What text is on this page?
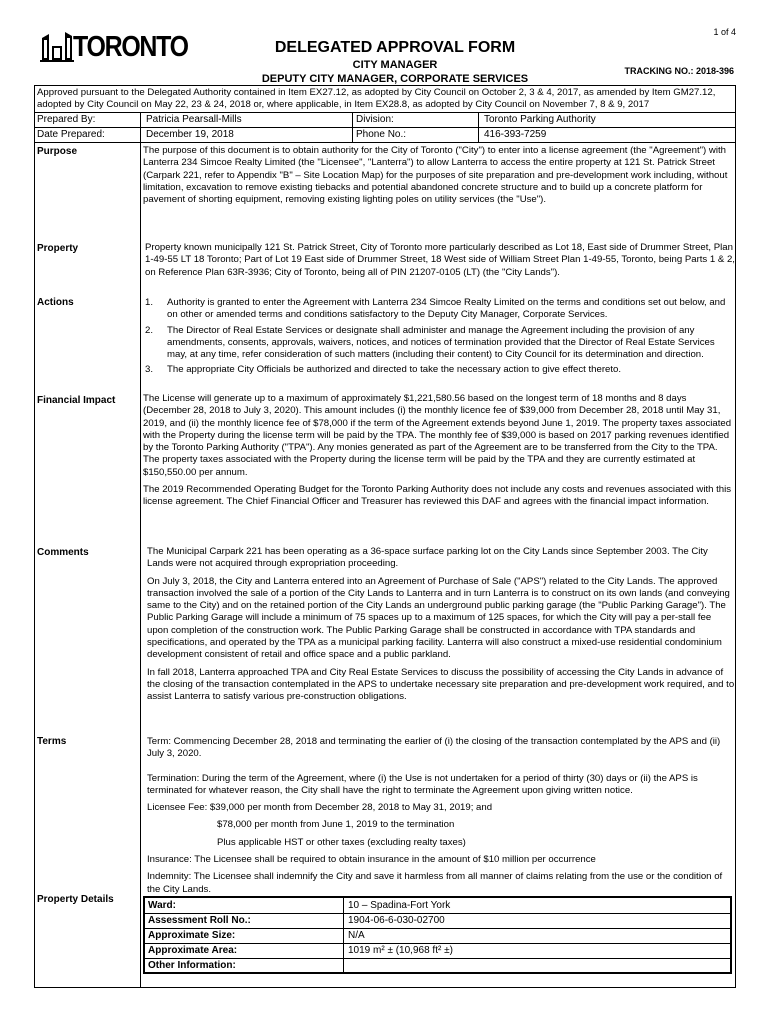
1 of 4
TORONTO	DELEGATED APPROVAL FORM
CITY MANAGER
DEPUTY CITY MANAGER, CORPORATE SERVICES
TRACKING NO.: 2018-396
Approved pursuant to the Delegated Authority contained in Item EX27.12, as adopted by City Council on October 2, 3 & 4, 2017, as amended by Item GM27.12, adopted by City Council on May 22, 23 & 24, 2018 or, where applicable, in Item EX28.8, as adopted by City Council on November 7, 8 & 9, 2017
Prepared By:	Patricia Pearsall-Mills	Division:	Toronto Parking Authority
Date Prepared:	December 19, 2018	Phone No.:	416-393-7259
Purpose	The purpose of this document is to obtain authority for the City of Toronto ("City") to enter into a license agreement (the "Agreement") with Lanterra 234 Simcoe Realty Limited (the "Licensee", "Lanterra") to allow Lanterra to access the entire property at 121 St. Patrick Street (Carpark 221, refer to Appendix "B" – Site Location Map) for the purposes of site preparation and pre-development work including, without limitation, excavation to remove existing tiebacks and potential abandoned concrete structure and to build up a concrete platform for pavement of shorting equipment, removing existing lighting poles on utility services (the "Use").
Property	Property known municipally 121 St. Patrick Street, City of Toronto more particularly described as Lot 18, East side of Drummer Street, Plan 1-49-55 LT 18 Toronto; Part of Lot 19 East side of Drummer Street, 18 West side of William Street Plan 1-49-55, Toronto, being Parts 1 & 2, on Reference Plan 63R-3936; City of Toronto, being all of PIN 21207-0105 (LT) (the "City Lands").
Actions	1. Authority is granted to enter the Agreement with Lanterra 234 Simcoe Realty Limited on the terms and conditions set out below, and on other or amended terms and conditions satisfactory to the Deputy City Manager, Corporate Services.
2. The Director of Real Estate Services or designate shall administer and manage the Agreement including the provision of any amendments, consents, approvals, waivers, notices, and notices of termination provided that the Director of Real Estate Services may, at any time, refer consideration of such matters (including their content) to City Council for its determination and direction.
3. The appropriate City Officials be authorized and directed to take the necessary action to give effect thereto.
Financial Impact	The License will generate up to a maximum of approximately $1,221,580.56 based on the longest term of 18 months and 8 days (December 28, 2018 to July 3, 2020). This amount includes (i) the monthly licence fee of $39,000 from December 28, 2018 until May 31, 2019, and (ii) the monthly licence fee of $78,000 if the term of the Agreement extends beyond June 1, 2019. The property taxes associated with the Property during the license term will be paid by the TPA. The monthly fee of $39,000 is based on 2017 parking revenues identified by the Toronto Parking Authority ("TPA"). Any monies generated as part of the Agreement are to be transferred from the City to the TPA. The property taxes associated with the Property during the license term will be paid by the TPA and they are currently estimated at $150,550.00 per annum.

The 2019 Recommended Operating Budget for the Toronto Parking Authority does not include any costs and revenues associated with this license agreement. The Chief Financial Officer and Treasurer has reviewed this DAF and agrees with the financial impact information.

Comments	The Municipal Carpark 221 has been operating as a 36-space surface parking lot on the City Lands since September 2003. The City Lands were not acquired through expropriation proceeding.

On July 3, 2018, the City and Lanterra entered into an Agreement of Purchase of Sale ("APS") related to the City Lands. The approved transaction involved the sale of a portion of the City Lands to Lanterra and in turn Lanterra is to construct on its own lands (and conveying same to the City) and on the retained portion of the City Lands an underground public parking garage (the "Public Parking Garage"). The Public Parking Garage will include a minimum of 75 spaces up to a maximum of 125 spaces, for which the City will pay a per-stall fee upon completion of the construction work. The Public Parking Garage shall be constructed in accordance with TPA standards and specifications, and operated by the TPA as a municipal parking facility. Lanterra will also construct a mixed-use residential condominium development consistent of retail and office space and a public parkland.

In fall 2018, Lanterra approached TPA and City Real Estate Services to discuss the possibility of accessing the City Lands in advance of the closing of the transaction contemplated in the APS to undertake necessary site preparation and pre-development work required, and to assist Lanterra to satisfy various pre-construction obligations.

Terms	Term: Commencing December 28, 2018 and terminating the earlier of (i) the closing of the transaction contemplated by the APS and (ii) July 3, 2020.

Termination: During the term of the Agreement, where (i) the Use is not undertaken for a period of thirty (30) days or (ii) the APS is terminated for whatever reason, the City shall have the right to terminate the Agreement upon giving written notice.

Licensee Fee: $39,000 per month from December 28, 2018 to May 31, 2019; and

$78,000 per month from June 1, 2019 to the termination

Plus applicable HST or other taxes (excluding realty taxes)

Insurance: The Licensee shall be required to obtain insurance in the amount of $10 million per occurrence

Indemnity: The Licensee shall indemnify the City and save it harmless from all manner of claims relating from the use or the condition of the City Lands.

Property Details
Ward:	10 – Spadina-Fort York
Assessment Roll No.:	1904-06-6-030-02700
Approximate Size:	N/A
Approximate Area:	1019 m² ± (10,968 ft² ±)
Other Information:
